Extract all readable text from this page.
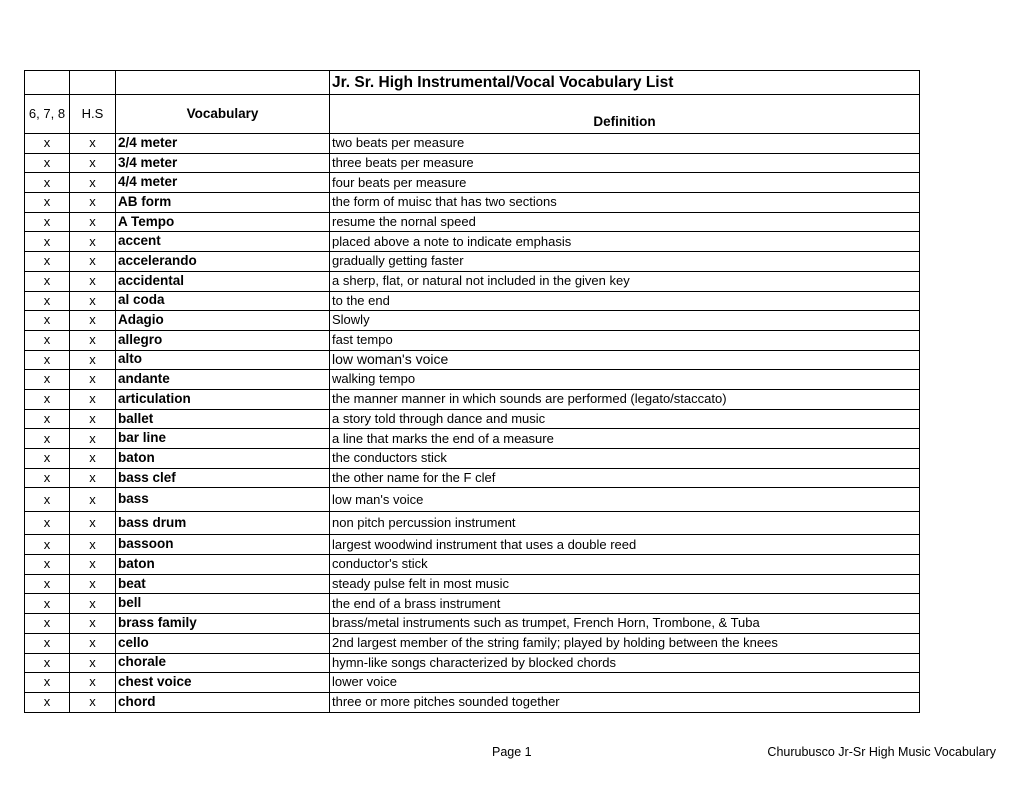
			Jr. Sr. High Instrumental/Vocal Vocabulary List
6, 7, 8	H.S	Vocabulary	Definition
x	x	2/4 meter	two beats per measure
x	x	3/4 meter	three beats per measure
x	x	4/4 meter	four beats per measure
x	x	AB form	the form of muisc that has two sections
x	x	A Tempo	resume the nornal speed
x	x	accent	placed above a note to indicate emphasis
x	x	accelerando	gradually getting faster
x	x	accidental	a sherp, flat, or natural not included in the given key
x	x	al coda	to the end
x	x	Adagio	Slowly
x	x	allegro	fast tempo
x	x	alto	low woman's voice
x	x	andante	walking tempo
x	x	articulation	the manner manner in which sounds are performed (legato/staccato)
x	x	ballet	a story told through dance and music
x	x	bar line	a line that marks the end of a measure
x	x	baton	the conductors stick
x	x	bass clef	the other name for the F clef
x	x	bass	low man's voice
x	x	bass drum	non pitch percussion instrument
x	x	bassoon	largest woodwind instrument that uses a double reed
x	x	baton	conductor's stick
x	x	beat	steady pulse felt in most music
x	x	bell	the end of a brass instrument
x	x	brass family	brass/metal instruments such as trumpet, French Horn, Trombone, & Tuba
x	x	cello	2nd largest member of the string family; played by holding between the knees
x	x	chorale	hymn-like songs characterized by blocked chords
x	x	chest voice	lower voice
x	x	chord	three or more pitches sounded together
Page 1	Churubusco Jr-Sr High Music Vocabulary
